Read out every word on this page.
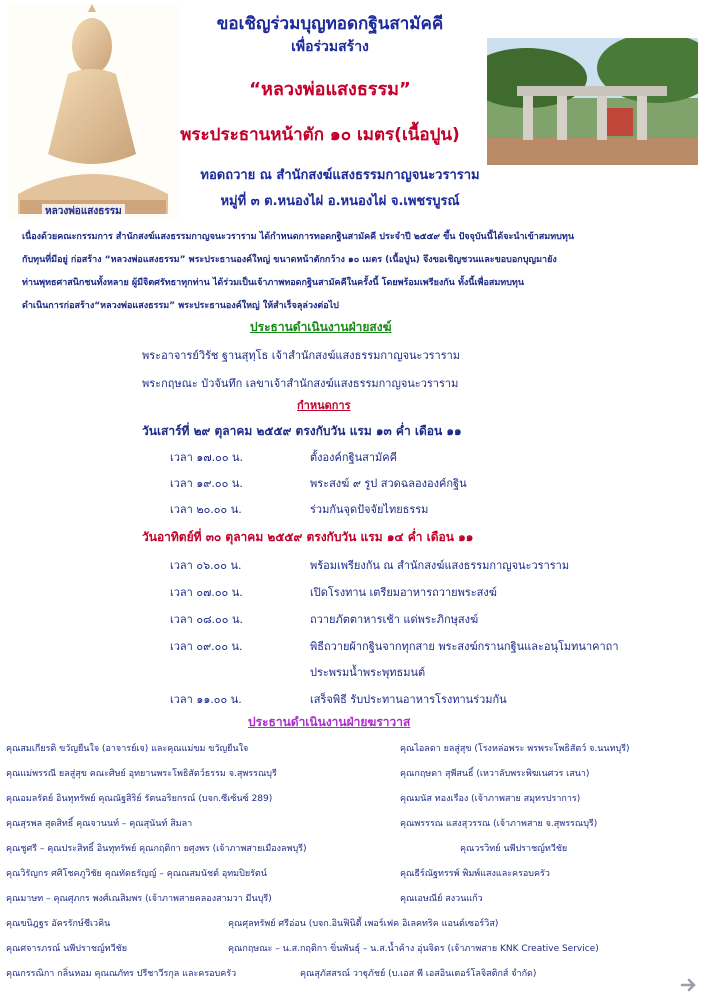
หลวงพ่อแสงธรรม
ขอเชิญร่วมบุญทอดกฐินสามัคคี
เพื่อร่วมสร้าง
“หลวงพ่อแสงธรรม”
พระประธานหน้าตัก ๑๐ เมตร(เนื้อปูน)
ทอดถวาย ณ สำนักสงฆ์แสงธรรมกาญจนะวราราม
หมู่ที่ ๓ ต.หนองไผ่ อ.หนองไผ่ จ.เพชรบูรณ์
เนื่องด้วยคณะกรรมการ สำนักสงฆ์แสงธรรมกาญจนะวราราม ได้กำหนดการทอดกฐินสามัคคี ประจำปี ๒๕๕๙ ขึ้น ปัจจุบันนี้ได้จะนำเข้าสมทบทุน
กับทุนที่มีอยู่ ก่อสร้าง “หลวงพ่อแสงธรรม” พระประธานองค์ใหญ่ ขนาดหน้าตักกว้าง ๑๐ เมตร (เนื้อปูน) จึงขอเชิญชวนและขอบอกบุญมายัง
ท่านพุทธศาสนิกชนทั้งหลาย ผู้มีจิตศรัทธาทุกท่าน ได้ร่วมเป็นเจ้าภาพทอดกฐินสามัคคีในครั้งนี้ โดยพร้อมเพรียงกัน ทั้งนี้เพื่อสมทบทุน
ดำเนินการก่อสร้าง“หลวงพ่อแสงธรรม” พระประธานองค์ใหญ่ ให้สำเร็จลุล่วงต่อไป
ประธานดำเนินงานฝ่ายสงฆ์
พระอาจารย์วิรัช ฐานสุทฺโธ เจ้าสำนักสงฆ์แสงธรรมกาญจนะวราราม
พระกฤษณะ บัวจันทึก เลขาเจ้าสำนักสงฆ์แสงธรรมกาญจนะวราราม
กำหนดการ
วันเสาร์ที่ ๒๙ ตุลาคม ๒๕๕๙ ตรงกับวัน แรม ๑๓ ค่ำ เดือน ๑๑
เวลา ๑๗.๐๐ น.	ตั้งองค์กฐินสามัคคี
เวลา ๑๙.๐๐ น.	พระสงฆ์ ๙ รูป สวดฉลององค์กฐิน
เวลา ๒๐.๐๐ น.	ร่วมกันจุดปัจจัยไทยธรรม
วันอาทิตย์ที่ ๓๐ ตุลาคม ๒๕๕๙ ตรงกับวัน แรม ๑๔ ค่ำ เดือน ๑๑
เวลา ๐๖.๐๐ น.	พร้อมเพรียงกัน ณ สำนักสงฆ์แสงธรรมกาญจนะวราราม
เวลา ๐๗.๐๐ น.	เปิดโรงทาน เตรียมอาหารถวายพระสงฆ์
เวลา ๐๘.๐๐ น.	ถวายภัตตาหารเช้า แด่พระภิกษุสงฆ์
เวลา ๐๙.๐๐ น.	พิธีถวายผ้ากฐินจากทุกสาย พระสงฆ์กรานกฐินและอนุโมทนาคาถา
ประพรมน้ำพระพุทธมนต์
เวลา ๑๑.๐๐ น.	เสร็จพิธี รับประทานอาหารโรงทานร่วมกัน
ประธานดำเนินงานฝ่ายฆราวาส
คุณสมเกียรติ ขวัญยืนใจ (อาจารย์เจ) และคุณแม่ขม ขวัญยืนใจ	คุณไอลดา ยลสู่สุข (โรงหล่อพระ พรพระโพธิสัตว์ จ.นนทบุรี)
คุณแม่พรรณี ยลสู่สุข คณะศิษย์ อุทยานพระโพธิสัตว์ธรรม จ.สุพรรณบุรี	คุณกฤษดา สุพีสนธิ์ (เหวาลับพระพิฆเนศวร เสนา)
คุณอมลรัตย์ อินทุทรัพย์ คุณณัฐสิริย์ รัตนอริยกรณ์ (บจก.ซีเซ้นซ์ 289)	คุณมนัส ทองเรือง (เจ้าภาพสาย สมุทรปราการ)
คุณสุรพล สุดสิทธิ์ คุณจานนท์ – คุณสุนันท์ สิมลา	คุณพรรรณ แสงสุวรรณ (เจ้าภาพสาย จ.สุพรรณบุรี)
คุณชูศรี – คุณประสิทธิ์ อินทุทรัพย์ คุณกฤติกา ยศุงพร (เจ้าภาพสายเมืองลพบุรี)	คุณวรวิทย์ นพีปราชญ์ทวีชัย
คุณวิรัญกร ศศิโชคภูวิชัย คุณทัดธรัญญ์ – คุณณสมนัชต์ อุทมปิยรัตน์	คุณธีร์ณัฐทรรพ์ พิมพ์แสงและครอบครัว
คุณมาษท – คุณศุภกร พงศ์เณสิมพร (เจ้าภาพสายคลองสามวา มีนบุรี)	คุณเอษณีย์ สงวนแก้ว
คุณขนิฎฐร อัครรักษ์ชีเวคิน	คุณศุลทรัพย์ ศรีอ่อน (บจก.อินฟินิตี้ เพอร์เฟค อิเลคทริค แอนด์เซอร์วิส)
คุณศจารภรณ์ นพีปราชญ์ทวีชัย	คุณกฤษณะ – น.ส.กฤติกา ขิ่นพันธุ์ – น.ส.น้ำค้าง อุ่นจิตร (เจ้าภาพสาย KNK Creative Service)
คุณกรรณิกา กลิ่นหอม คุณณภัทร ปรีชาวีรกุล และครอบครัว	คุณสุภัสสรณ์ วาฐุภัชย์ (บ.เอส พี เอสอินเตอร์โลจิสติกส์ จำกัด)
